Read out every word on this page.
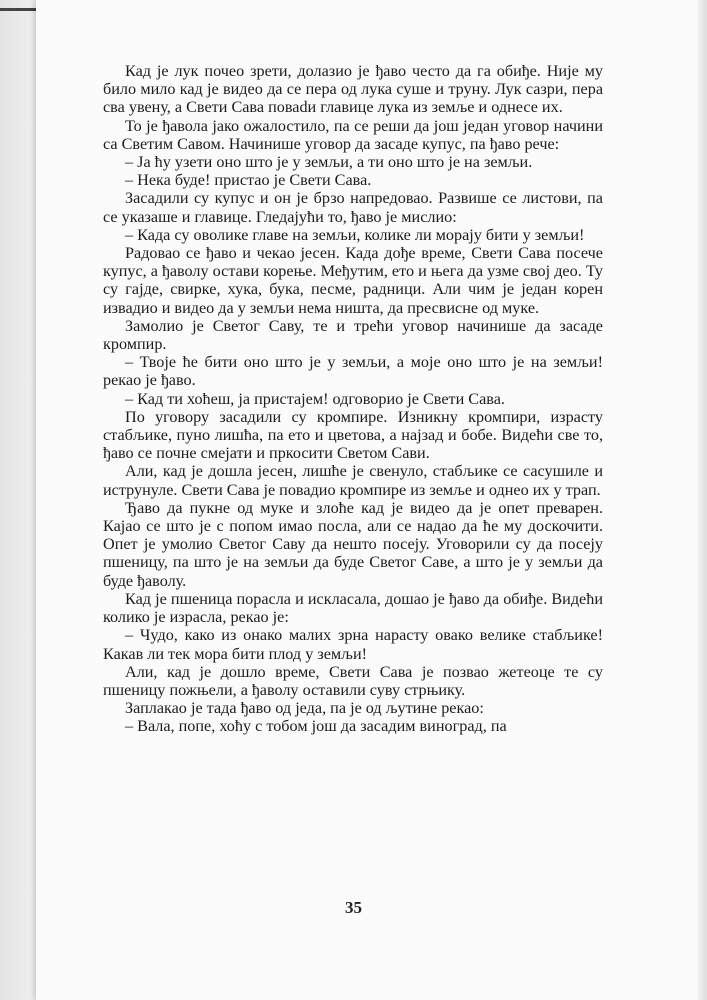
Кад је лук почео зрети, долазио је ђаво често да га обиђе. Није му било мило кад је видео да се пера од лука суше и труну. Лук сазри, пера сва увену, а Свети Сава поваdи главице лука из земље и однесе их.

То је ђавола јако ожалостило, па се реши да још један уговор начини са Светим Савом. Начинише уговор да засаде купус, па ђаво рече:

– Ја ћу узети оно што је у земљи, а ти оно што је на земљи.

– Нека буде! пристао је Свети Сава.

Засадили су купус и он је брзо напредовао. Развише се листови, па се указаше и главице. Гледајући то, ђаво је мислио:

– Када су оволике главе на земљи, колике ли морају бити у земљи!

Радовао се ђаво и чекао јесен. Када дође време, Свети Сава посече купус, а ђаволу остави корење. Међутим, ето и њега да узме свој део. Ту су гајде, свирке, хука, бука, песме, радници. Али чим је један корен извадио и видео да у земљи нема ништа, да пресвисне од муке.

Замолио је Светог Саву, те и трећи уговор начинише да засаде кромпир.

– Твоје ће бити оно што је у земљи, а моје оно што је на земљи! рекао је ђаво.

– Кад ти хоћеш, ја пристајем! одговорио је Свети Сава.

По уговору засадили су кромпире. Изникну кромпири, израсту стабљике, пуно лишћа, па ето и цветова, а најзад и бобе. Видећи све то, ђаво се почне смејати и пркосити Светом Сави.

Али, кад је дошла јесен, лишће је свенуло, стабљике се сасушиле и иструнуле. Свети Сава је повадио кромпире из земље и однео их у трап.

Ђаво да пукне од муке и злоће кад је видео да је опет преварен. Кајао се што је с попом имао посла, али се надао да ће му доскочити. Опет је умолио Светог Саву да нешто посеју. Уговорили су да посеју пшеницу, па што је на земљи да буде Светог Саве, а што је у земљи да буде ђаволу.

Кад је пшеница порасла и искласала, дошао је ђаво да обиђе. Видећи колико је израсла, рекао је:

– Чудо, како из онако малих зрна нарасту овако велике стабљике! Какав ли тек мора бити плод у земљи!

Али, кад је дошло време, Свети Сава је позвао жетеоце те су пшеницу пожњели, а ђаволу оставили суву стрњику.

Заплакао је тада ђаво од једа, па је од љутине рекао:

– Вала, попе, хоћу с тобом још да засадим виноград, па

35
